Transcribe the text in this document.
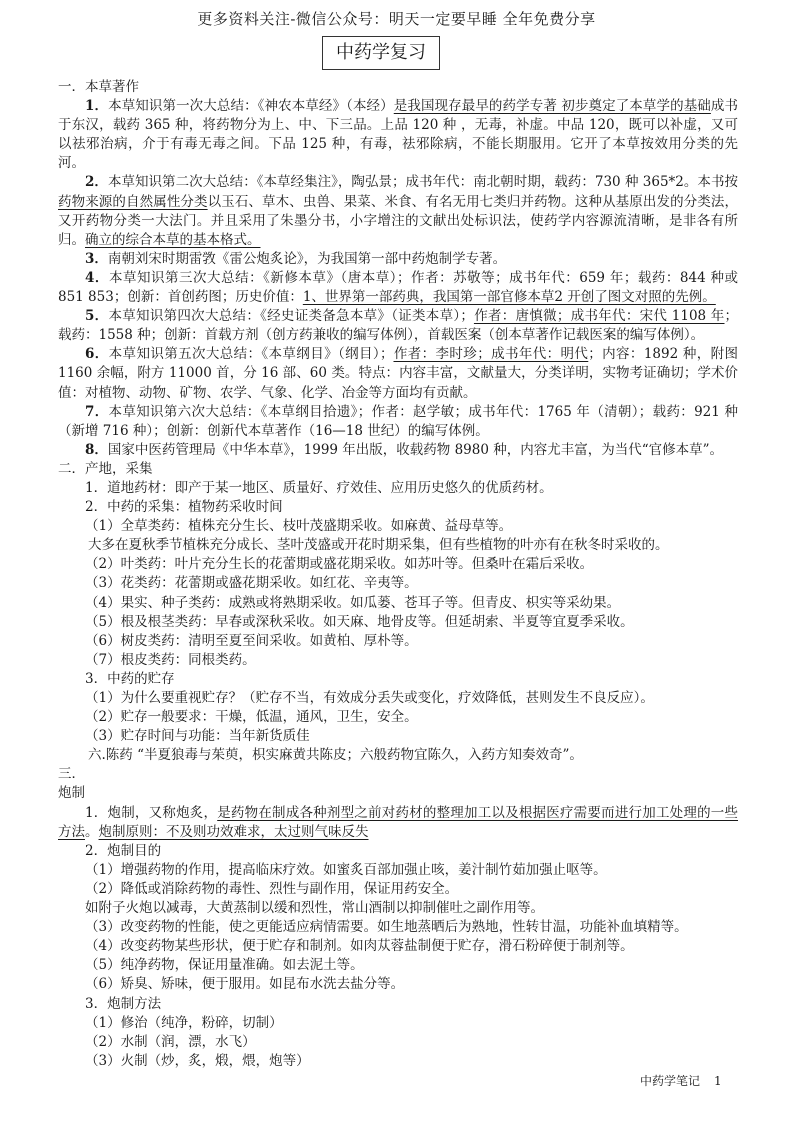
更多资料关注-微信公众号：明天一定要早睡 全年免费分享
中药学复习

一．本草著作

1．本草知识第一次大总结：《神农本草经》（本经）是我国现存最早的药学专著 初步奠定了本草学的基础成书于东汉，载药 365 种，将药物分为上、中、下三品。上品 120 种 ，无毒，补虚。中品 120，既可以补虚，又可以祛邪治病，介于有毒无毒之间。下品 125 种，有毒，祛邪除病，不能长期服用。它开了本草按效用分类的先河。

2．本草知识第二次大总结：《本草经集注》，陶弘景；成书年代：南北朝时期，载药：730 种 365*2。本书按药物来源的自然属性分类以玉石、草木、虫兽、果菜、米食、有名无用七类归并药物。这种从基原出发的分类法，又开药物分类一大法门。并且采用了朱墨分书，小字增注的文献出处标识法，使药学内容源流清晰，是非各有所归。确立的综合本草的基本格式。

3．南朝刘宋时期雷敩《雷公炮炙论》，为我国第一部中药炮制学专著。

4．本草知识第三次大总结：《新修本草》（唐本草）；作者：苏敬等；成书年代：659 年；载药：844 种或 851 853；创新：首创药图；历史价值：1、世界第一部药典，我国第一部官修本草2 开创了图文对照的先例。

5．本草知识第四次大总结：《经史证类备急本草》（证类本草）；作者：唐慎微；成书年代：宋代 1108 年；载药：1558 种；创新：首载方剂（创方药兼收的编写体例），首载医案（创本草著作记载医案的编写体例）。

6．本草知识第五次大总结：《本草纲目》（纲目）；作者：李时珍；成书年代：明代；内容：1892 种，附图 1160 余幅，附方 11000 首，分 16 部、60 类。特点：内容丰富，文献量大，分类详明，实物考证确切；学术价值：对植物、动物、矿物、农学、气象、化学、冶金等方面均有贡献。

7．本草知识第六次大总结：《本草纲目拾遗》；作者：赵学敏；成书年代：1765 年（清朝）；载药：921 种（新增 716 种）；创新：创新代本草著作（16—18 世纪）的编写体例。

8．国家中医药管理局《中华本草》，1999 年出版，收载药物 8980 种，内容尤丰富，为当代“官修本草”。

二．产地，采集

1．道地药材：即产于某一地区、质量好、疗效佳、应用历史悠久的优质药材。

2．中药的采集：植物药采收时间

（1）全草类药：植株充分生长、枝叶茂盛期采收。如麻黄、益母草等。

大多在夏秋季节植株充分成长、茎叶茂盛或开花时期采集，但有些植物的叶亦有在秋冬时采收的。

（2）叶类药：叶片充分生长的花蕾期或盛花期采收。如苏叶等。但桑叶在霜后采收。

（3）花类药：花蕾期或盛花期采收。如红花、辛夷等。

（4）果实、种子类药：成熟或将熟期采收。如瓜蒌、苍耳子等。但青皮、枳实等采幼果。

（5）根及根茎类药：早春或深秋采收。如天麻、地骨皮等。但延胡索、半夏等宜夏季采收。

（6）树皮类药：清明至夏至间采收。如黄柏、厚朴等。

（7）根皮类药：同根类药。

3．中药的贮存

（1）为什么要重视贮存？（贮存不当，有效成分丢失或变化，疗效降低，甚则发生不良反应）。

（2）贮存一般要求：干燥，低温，通风，卫生，安全。

（3）贮存时间与功能：当年新货质佳

六.陈药 “半夏狼毒与茱萸，枳实麻黄共陈皮；六般药物宜陈久，入药方知奏效奇”。

三．
炮制

1．炮制，又称炮炙，是药物在制成各种剂型之前对药材的整理加工以及根据医疗需要而进行加工处理的一些方法。炮制原则：不及则功效难求，太过则气味反失

2．炮制目的

（1）增强药物的作用，提高临床疗效。如蜜炙百部加强止咳，姜汁制竹茹加强止呕等。

（2）降低或消除药物的毒性、烈性与副作用，保证用药安全。

如附子火炮以减毒，大黄蒸制以缓和烈性，常山酒制以抑制催吐之副作用等。

（3）改变药物的性能，使之更能适应病情需要。如生地蒸晒后为熟地，性转甘温，功能补血填精等。

（4）改变药物某些形状，便于贮存和制剂。如肉苁蓉盐制便于贮存，滑石粉碎便于制剂等。

（5）纯净药物，保证用量准确。如去泥土等。

（6）矫臭、矫味，便于服用。如昆布水洗去盐分等。

3．炮制方法

（1）修治（纯净，粉碎，切制）

（2）水制（润，漂，水飞）

（3）火制（炒，炙，煅，煨，炮等）

中药学笔记 1
